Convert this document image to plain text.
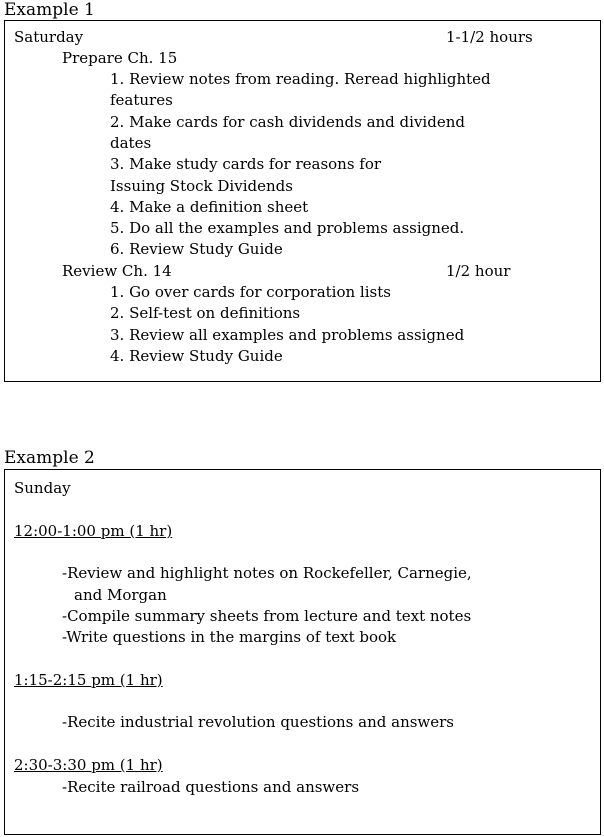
Example 1
Saturday	1-1/2 hours
Prepare Ch. 15
1. Review notes from reading. Reread highlighted
features
2. Make cards for cash dividends and dividend
dates
3. Make study cards for reasons for
Issuing Stock Dividends
4. Make a definition sheet
5. Do all the examples and problems assigned.
6. Review Study Guide
Review Ch. 14	1/2 hour
1. Go over cards for corporation lists
2. Self-test on definitions
3. Review all examples and problems assigned
4. Review Study Guide
Example 2
Sunday
12:00-1:00 pm (1 hr)
-Review and highlight notes on Rockefeller, Carnegie,
and Morgan
-Compile summary sheets from lecture and text notes
-Write questions in the margins of text book
1:15-2:15 pm (1 hr)
-Recite industrial revolution questions and answers
2:30-3:30 pm (1 hr)
-Recite railroad questions and answers
